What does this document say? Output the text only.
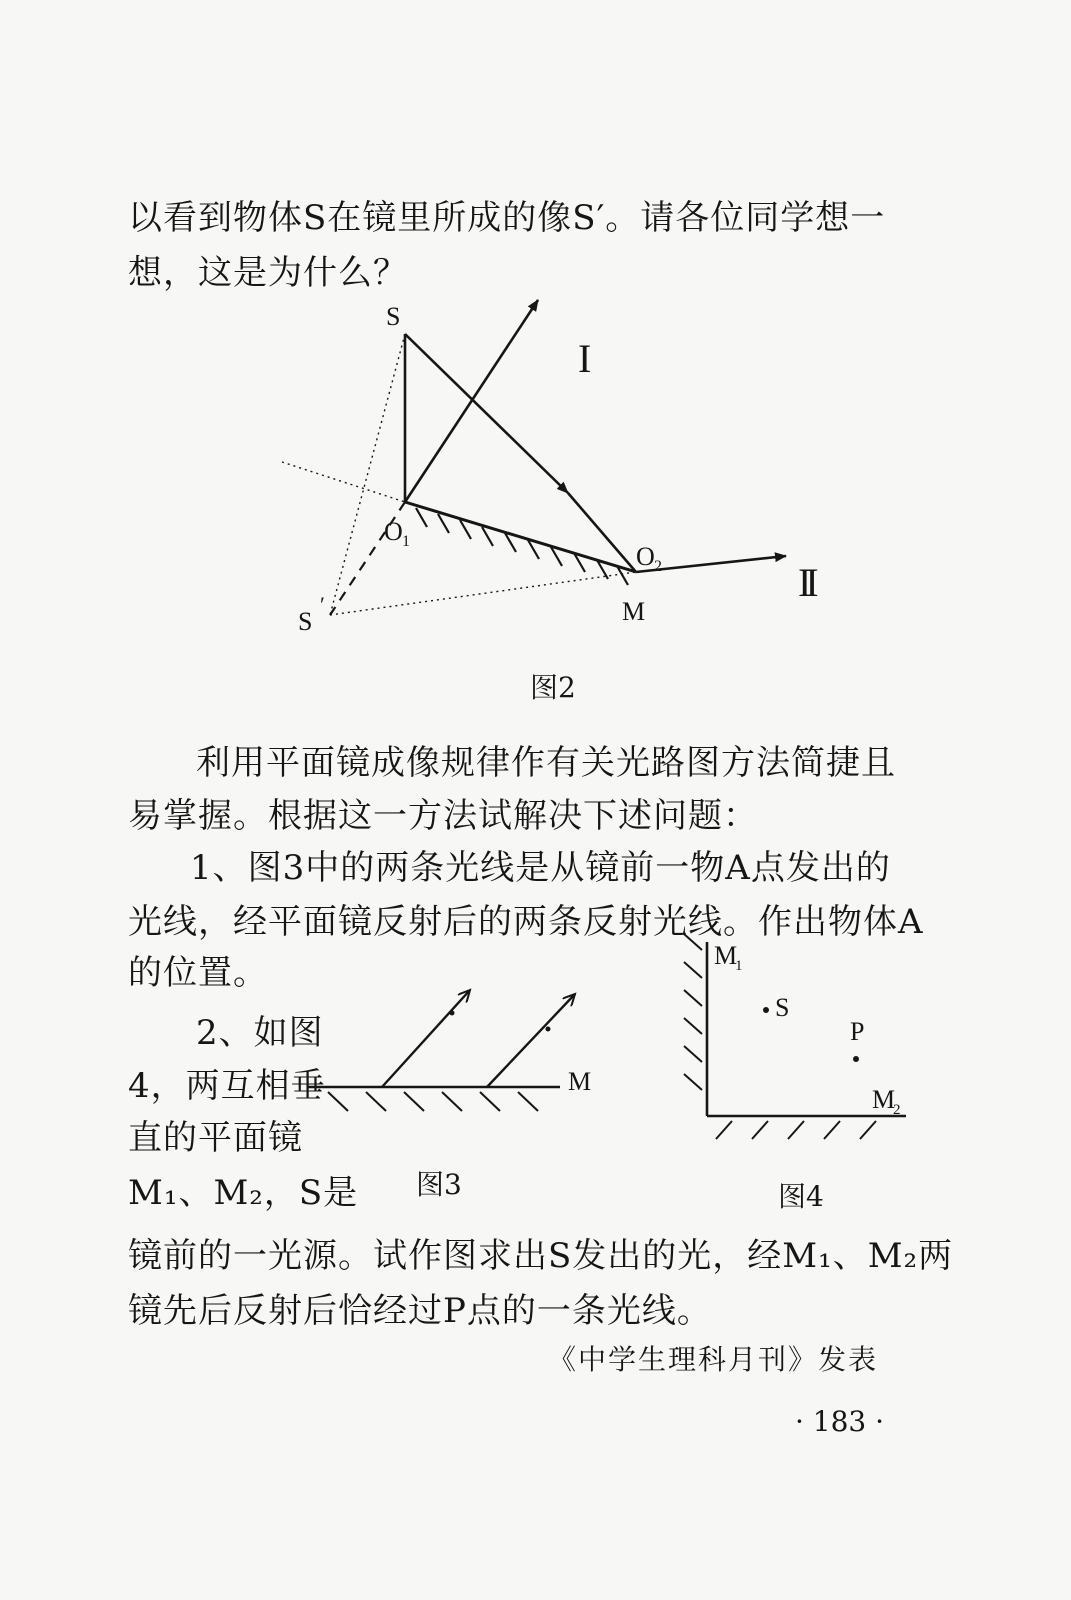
以看到物体S在镜里所成的像S′。请各位同学想一
想，这是为什么？
S
S
′
O 1
O 2
M
I
II
图2
利用平面镜成像规律作有关光路图方法简捷且
易掌握。根据这一方法试解决下述问题：
1、图3中的两条光线是从镜前一物A点发出的
光线，经平面镜反射后的两条反射光线。作出物体A
的位置。
2、如图
4，两互相垂
直的平面镜
M₁、M₂，S是
M
图3
M
1
S
P
M
2
图4
镜前的一光源。试作图求出S发出的光，经M₁、M₂两
镜先后反射后恰经过P点的一条光线。
《中学生理科月刊》发表
· 183 ·
